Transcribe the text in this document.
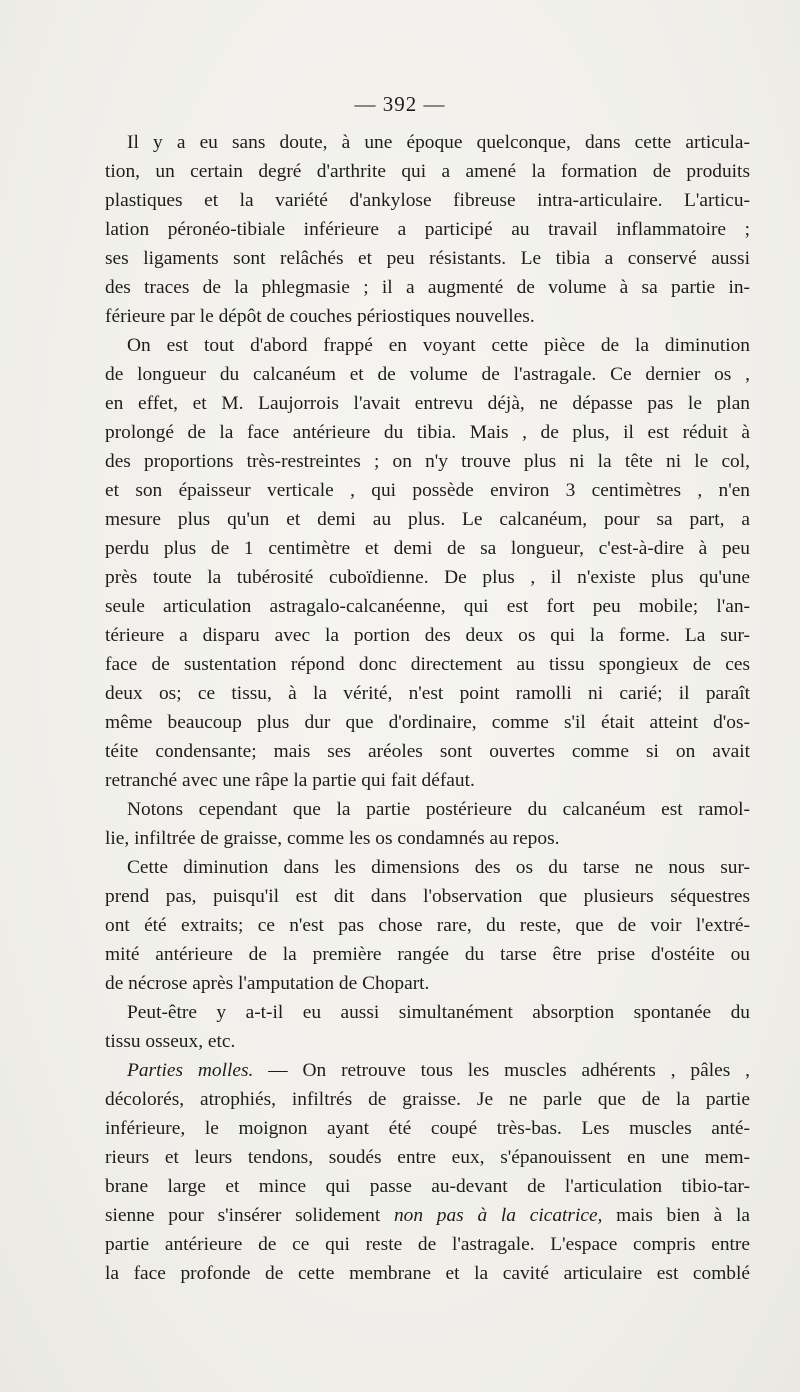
— 392 —
Il y a eu sans doute, à une époque quelconque, dans cette articula-
tion, un certain degré d'arthrite qui a amené la formation de produits
plastiques et la variété d'ankylose fibreuse intra-articulaire. L'articu-
lation péronéo-tibiale inférieure a participé au travail inflammatoire ;
ses ligaments sont relâchés et peu résistants. Le tibia a conservé aussi
des traces de la phlegmasie ; il a augmenté de volume à sa partie in-
férieure par le dépôt de couches périostiques nouvelles.
On est tout d'abord frappé en voyant cette pièce de la diminution
de longueur du calcanéum et de volume de l'astragale. Ce dernier os ,
en effet, et M. Laujorrois l'avait entrevu déjà, ne dépasse pas le plan
prolongé de la face antérieure du tibia. Mais , de plus, il est réduit à
des proportions très-restreintes ; on n'y trouve plus ni la tête ni le col,
et son épaisseur verticale , qui possède environ 3 centimètres , n'en
mesure plus qu'un et demi au plus. Le calcanéum, pour sa part, a
perdu plus de 1 centimètre et demi de sa longueur, c'est-à-dire à peu
près toute la tubérosité cuboïdienne. De plus , il n'existe plus qu'une
seule articulation astragalo-calcanéenne, qui est fort peu mobile; l'an-
térieure a disparu avec la portion des deux os qui la forme. La sur-
face de sustentation répond donc directement au tissu spongieux de ces
deux os; ce tissu, à la vérité, n'est point ramolli ni carié; il paraît
même beaucoup plus dur que d'ordinaire, comme s'il était atteint d'os-
téite condensante; mais ses aréoles sont ouvertes comme si on avait
retranché avec une râpe la partie qui fait défaut.
Notons cependant que la partie postérieure du calcanéum est ramol-
lie, infiltrée de graisse, comme les os condamnés au repos.
Cette diminution dans les dimensions des os du tarse ne nous sur-
prend pas, puisqu'il est dit dans l'observation que plusieurs séquestres
ont été extraits; ce n'est pas chose rare, du reste, que de voir l'extré-
mité antérieure de la première rangée du tarse être prise d'ostéite ou
de nécrose après l'amputation de Chopart.
Peut-être y a-t-il eu aussi simultanément absorption spontanée du
tissu osseux, etc.
Parties molles. — On retrouve tous les muscles adhérents , pâles ,
décolorés, atrophiés, infiltrés de graisse. Je ne parle que de la partie
inférieure, le moignon ayant été coupé très-bas. Les muscles anté-
rieurs et leurs tendons, soudés entre eux, s'épanouissent en une mem-
brane large et mince qui passe au-devant de l'articulation tibio-tar-
sienne pour s'insérer solidement non pas à la cicatrice, mais bien à la
partie antérieure de ce qui reste de l'astragale. L'espace compris entre
la face profonde de cette membrane et la cavité articulaire est comblé
